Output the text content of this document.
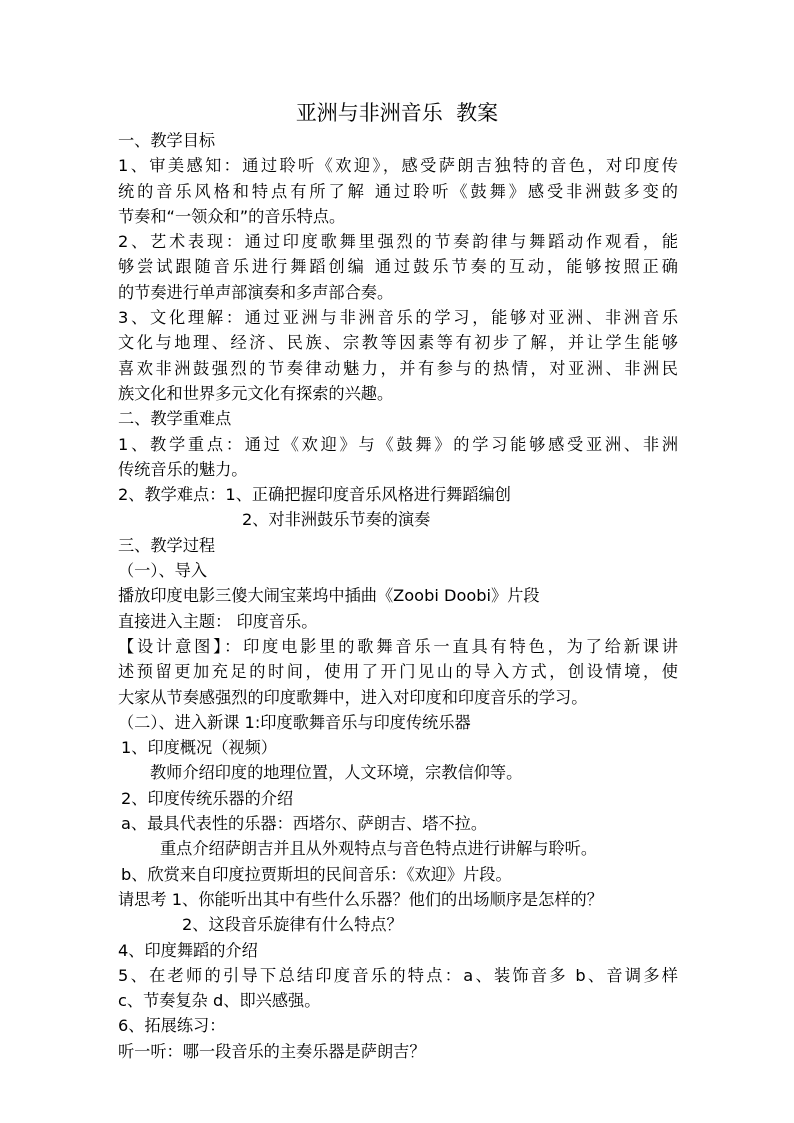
亚洲与非洲音乐  教案
一、教学目标
1、审美感知：通过聆听《欢迎》，感受萨朗吉独特的音色，对印度传
统的音乐风格和特点有所了解 通过聆听《鼓舞》感受非洲鼓多变的
节奏和“一领众和”的音乐特点。
2、艺术表现：通过印度歌舞里强烈的节奏韵律与舞蹈动作观看，能
够尝试跟随音乐进行舞蹈创编 通过鼓乐节奏的互动，能够按照正确
的节奏进行单声部演奏和多声部合奏。
3、文化理解：通过亚洲与非洲音乐的学习，能够对亚洲、非洲音乐
文化与地理、经济、民族、宗教等因素等有初步了解，并让学生能够
喜欢非洲鼓强烈的节奏律动魅力，并有参与的热情，对亚洲、非洲民
族文化和世界多元文化有探索的兴趣。
二、教学重难点
1、教学重点：通过《欢迎》与《鼓舞》的学习能够感受亚洲、非洲
传统音乐的魅力。
2、教学难点：1、正确把握印度音乐风格进行舞蹈编创
2、对非洲鼓乐节奏的演奏
三、教学过程
（一）、导入
播放印度电影三傻大闹宝莱坞中插曲《Zoobi Doobi》片段
直接进入主题： 印度音乐。
【设计意图】：印度电影里的歌舞音乐一直具有特色，为了给新课讲
述预留更加充足的时间，使用了开门见山的导入方式，创设情境，使
大家从节奏感强烈的印度歌舞中，进入对印度和印度音乐的学习。
（二）、进入新课 1:印度歌舞音乐与印度传统乐器
1、印度概况（视频）
教师介绍印度的地理位置，人文环境，宗教信仰等。
2、印度传统乐器的介绍
a、最具代表性的乐器：西塔尔、萨朗吉、塔不拉。
重点介绍萨朗吉并且从外观特点与音色特点进行讲解与聆听。
b、欣赏来自印度拉贾斯坦的民间音乐：《欢迎》片段。
请思考 1、你能听出其中有些什么乐器？他们的出场顺序是怎样的？
2、这段音乐旋律有什么特点？
4、印度舞蹈的介绍
5、在老师的引导下总结印度音乐的特点：a、装饰音多 b、音调多样
c、节奏复杂 d、即兴感强。
6、拓展练习：
听一听：哪一段音乐的主奏乐器是萨朗吉？
